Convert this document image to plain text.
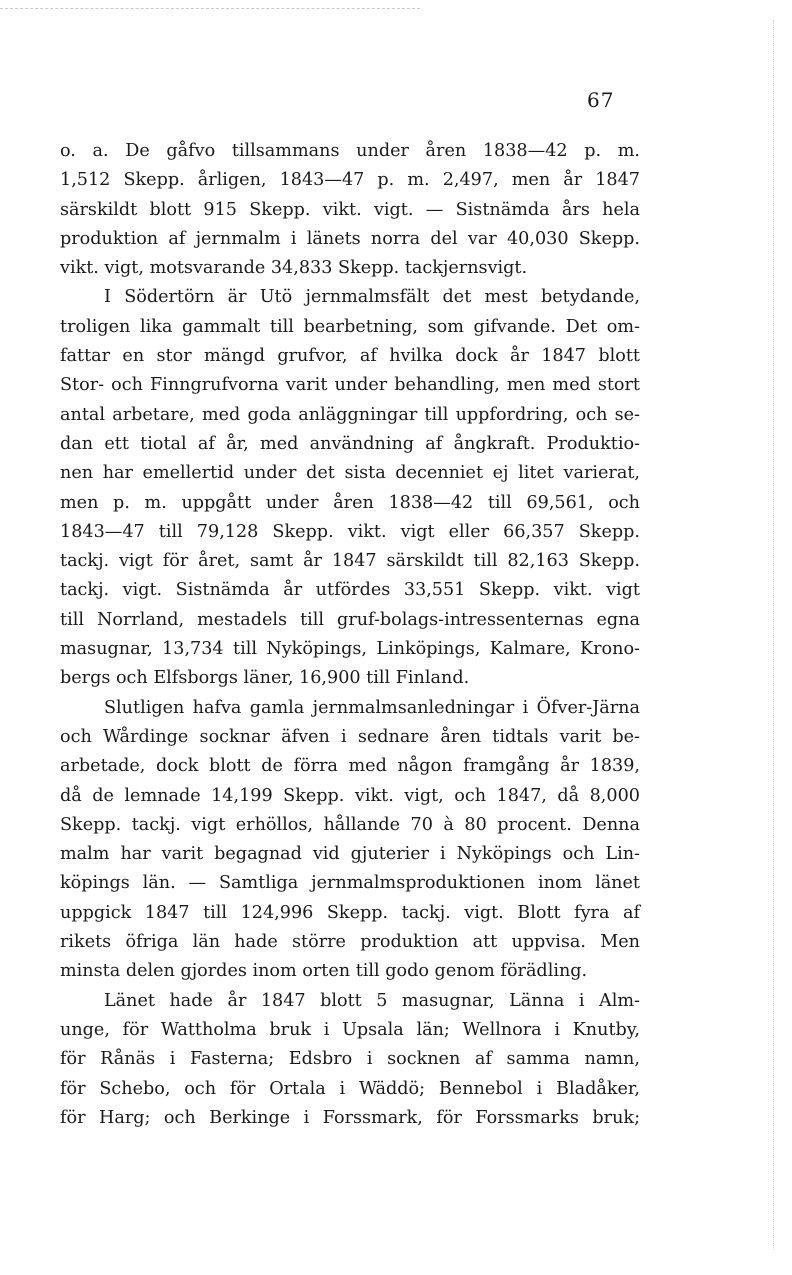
67
o. a. De gåfvo tillsammans under åren 1838—42 p. m.
1,512 Skepp. årligen, 1843—47 p. m. 2,497, men år 1847
särskildt blott 915 Skepp. vikt. vigt. — Sistnämda års hela
produktion af jernmalm i länets norra del var 40,030 Skepp.
vikt. vigt, motsvarande 34,833 Skepp. tackjernsvigt.
I Södertörn är Utö jernmalmsfält det mest betydande,
troligen lika gammalt till bearbetning, som gifvande. Det om-
fattar en stor mängd grufvor, af hvilka dock år 1847 blott
Stor- och Finngrufvorna varit under behandling, men med stort
antal arbetare, med goda anläggningar till uppfordring, och se-
dan ett tiotal af år, med användning af ångkraft. Produktio-
nen har emellertid under det sista decenniet ej litet varierat,
men p. m. uppgått under åren 1838—42 till 69,561, och
1843—47 till 79,128 Skepp. vikt. vigt eller 66,357 Skepp.
tackj. vigt för året, samt år 1847 särskildt till 82,163 Skepp.
tackj. vigt. Sistnämda år utfördes 33,551 Skepp. vikt. vigt
till Norrland, mestadels till gruf-bolags-intressenternas egna
masugnar, 13,734 till Nyköpings, Linköpings, Kalmare, Krono-
bergs och Elfsborgs läner, 16,900 till Finland.
Slutligen hafva gamla jernmalmsanledningar i Öfver-Järna
och Wårdinge socknar äfven i sednare åren tidtals varit be-
arbetade, dock blott de förra med någon framgång år 1839,
då de lemnade 14,199 Skepp. vikt. vigt, och 1847, då 8,000
Skepp. tackj. vigt erhöllos, hållande 70 à 80 procent. Denna
malm har varit begagnad vid gjuterier i Nyköpings och Lin-
köpings län. — Samtliga jernmalmsproduktionen inom länet
uppgick 1847 till 124,996 Skepp. tackj. vigt. Blott fyra af
rikets öfriga län hade större produktion att uppvisa. Men
minsta delen gjordes inom orten till godo genom förädling.
Länet hade år 1847 blott 5 masugnar, Länna i Alm-
unge, för Wattholma bruk i Upsala län; Wellnora i Knutby,
för Rånäs i Fasterna; Edsbro i socknen af samma namn,
för Schebo, och för Ortala i Wäddö; Bennebol i Bladåker,
för Harg; och Berkinge i Forssmark, för Forssmarks bruk;
